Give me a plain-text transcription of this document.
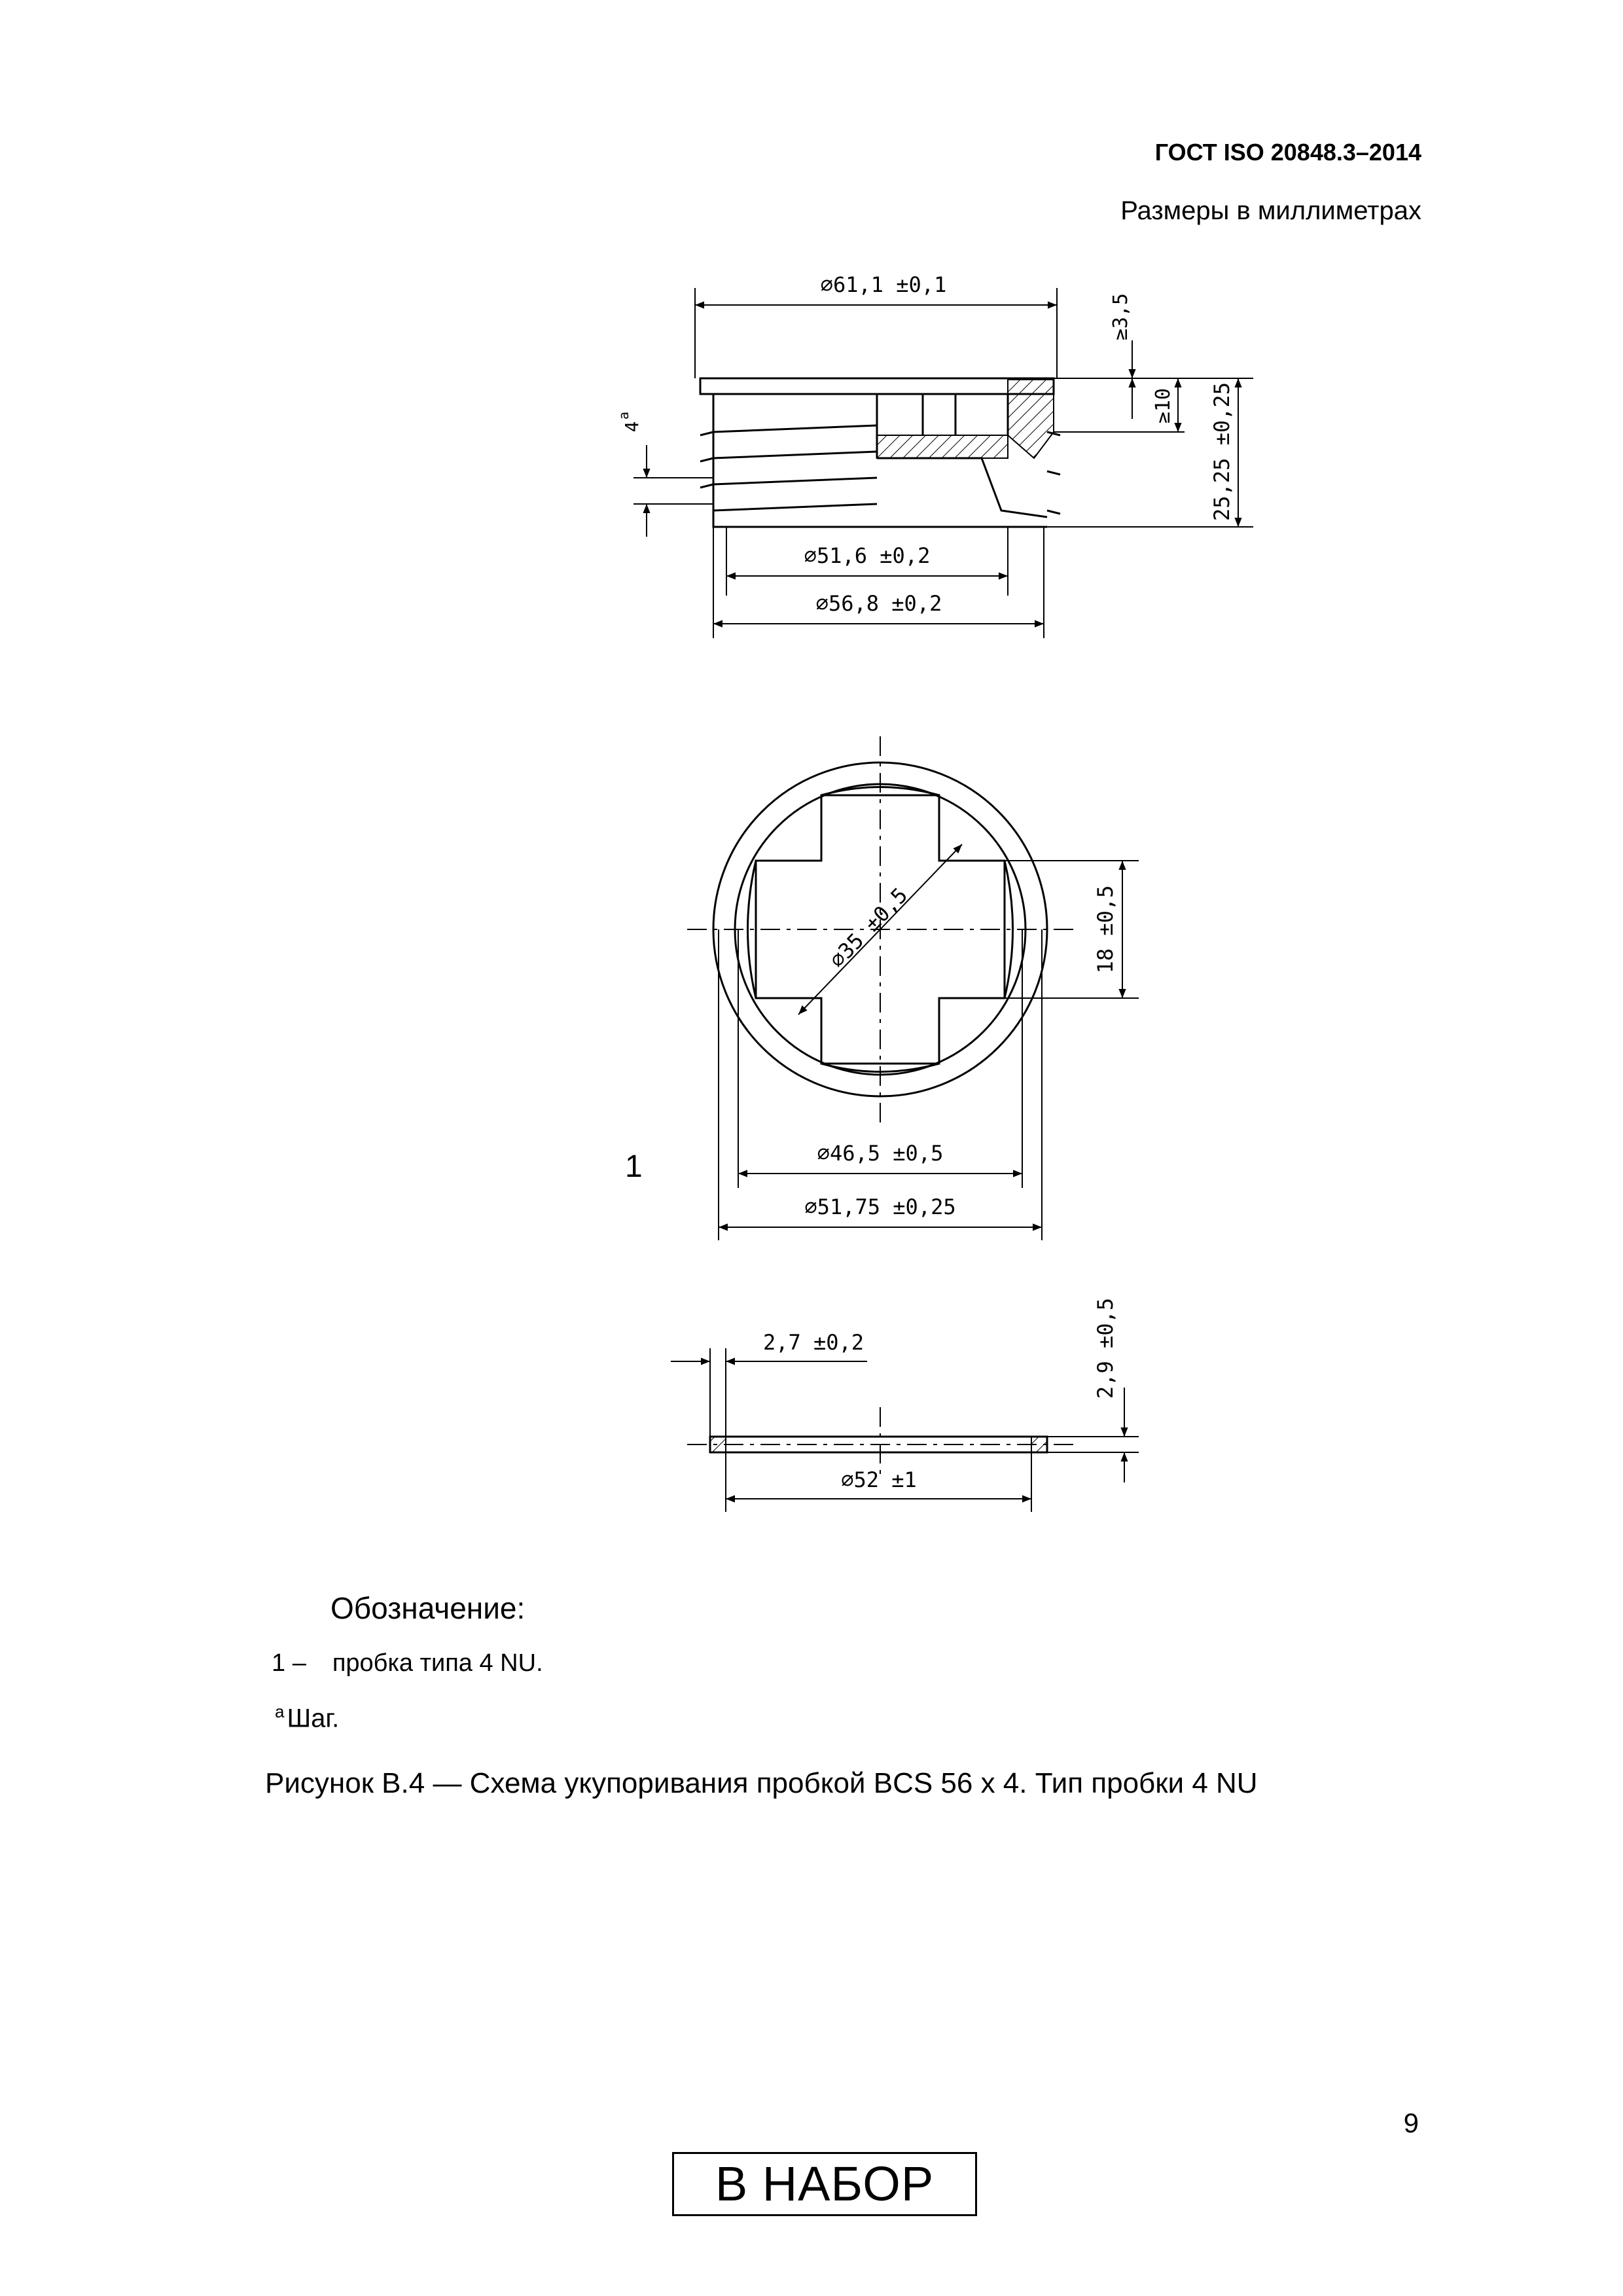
ГОСТ ISO 20848.3–2014
Размеры в миллиметрах
⌀61,1 ±0,1
≥3,5
≥10 25,25 ±0,25
4
a
⌀51,6 ±0,2
⌀56,8 ±0,2
⌀35 ±0,5	18 ±0,5
⌀46,5 ±0,5
⌀51,75 ±0,25
2,7 ±0,2	2,9 ±0,5
⌀52 ±1
1
Обозначение:
1 – пробка типа 4 NU.
$^а$ Шаг.
Рисунок В.4 — Схема укупоривания пробкой BCS 56 x 4. Тип пробки 4 NU
9
В НАБОР
